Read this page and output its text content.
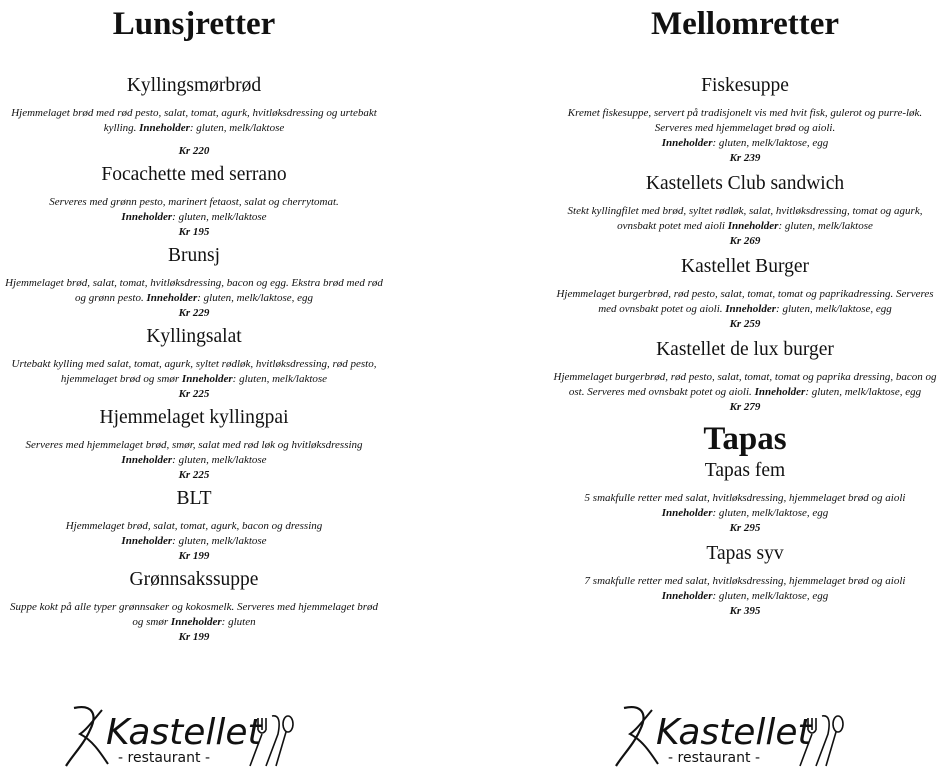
Lunsjretter

Kyllingsmørbrød

Hjemmelaget brød med rød pesto, salat, tomat, agurk, hvitløksdressing og urtebakt kylling. Inneholder: gluten, melk/laktose

Kr 220

Focachette med serrano

Serveres med grønn pesto, marinert fetaost, salat og cherrytomat.
Inneholder: gluten, melk/laktose

Kr 195

Brunsj

Hjemmelaget brød, salat, tomat, hvitløksdressing, bacon og egg. Ekstra brød med rød og grønn pesto. Inneholder: gluten, melk/laktose, egg

Kr 229

Kyllingsalat

Urtebakt kylling med salat, tomat, agurk, syltet rødløk, hvitløksdressing, rød pesto, hjemmelaget brød og smør Inneholder: gluten, melk/laktose

Kr 225

Hjemmelaget kyllingpai

Serveres med hjemmelaget brød, smør, salat med rød løk og hvitløksdressing
Inneholder: gluten, melk/laktose

Kr 225

BLT

Hjemmelaget brød, salat, tomat, agurk, bacon og dressing
Inneholder: gluten, melk/laktose

Kr 199

Grønnsakssuppe

Suppe kokt på alle typer grønnsaker og kokosmelk. Serveres med hjemmelaget brød og smør Inneholder: gluten

Kr 199

Mellomretter

Fiskesuppe

Kremet fiskesuppe, servert på tradisjonelt vis med hvit fisk, gulerot og purre-løk. Serveres med hjemmelaget brød og aioli.
Inneholder: gluten, melk/laktose, egg

Kr 239

Kastellets Club sandwich

Stekt kyllingfilet med brød, syltet rødløk, salat, hvitløksdressing, tomat og agurk, ovnsbakt potet med aioli Inneholder: gluten, melk/laktose

Kr 269

Kastellet Burger

Hjemmelaget burgerbrød, rød pesto, salat, tomat, tomat og paprikadressing. Serveres med ovnsbakt potet og aioli. Inneholder: gluten, melk/laktose, egg

Kr 259

Kastellet de lux burger

Hjemmelaget burgerbrød, rød pesto, salat, tomat, tomat og paprika dressing, bacon og ost. Serveres med ovnsbakt potet og aioli. Inneholder: gluten, melk/laktose, egg

Kr 279

Tapas

Tapas fem

5 smakfulle retter med salat, hvitløksdressing, hjemmelaget brød og aioli
Inneholder: gluten, melk/laktose, egg

Kr 295

Tapas syv

7 smakfulle retter med salat, hvitløksdressing, hjemmelaget brød og aioli
Inneholder: gluten, melk/laktose, egg

Kr 395

Kastellet
- restaurant -
Kastellet
- restaurant -
